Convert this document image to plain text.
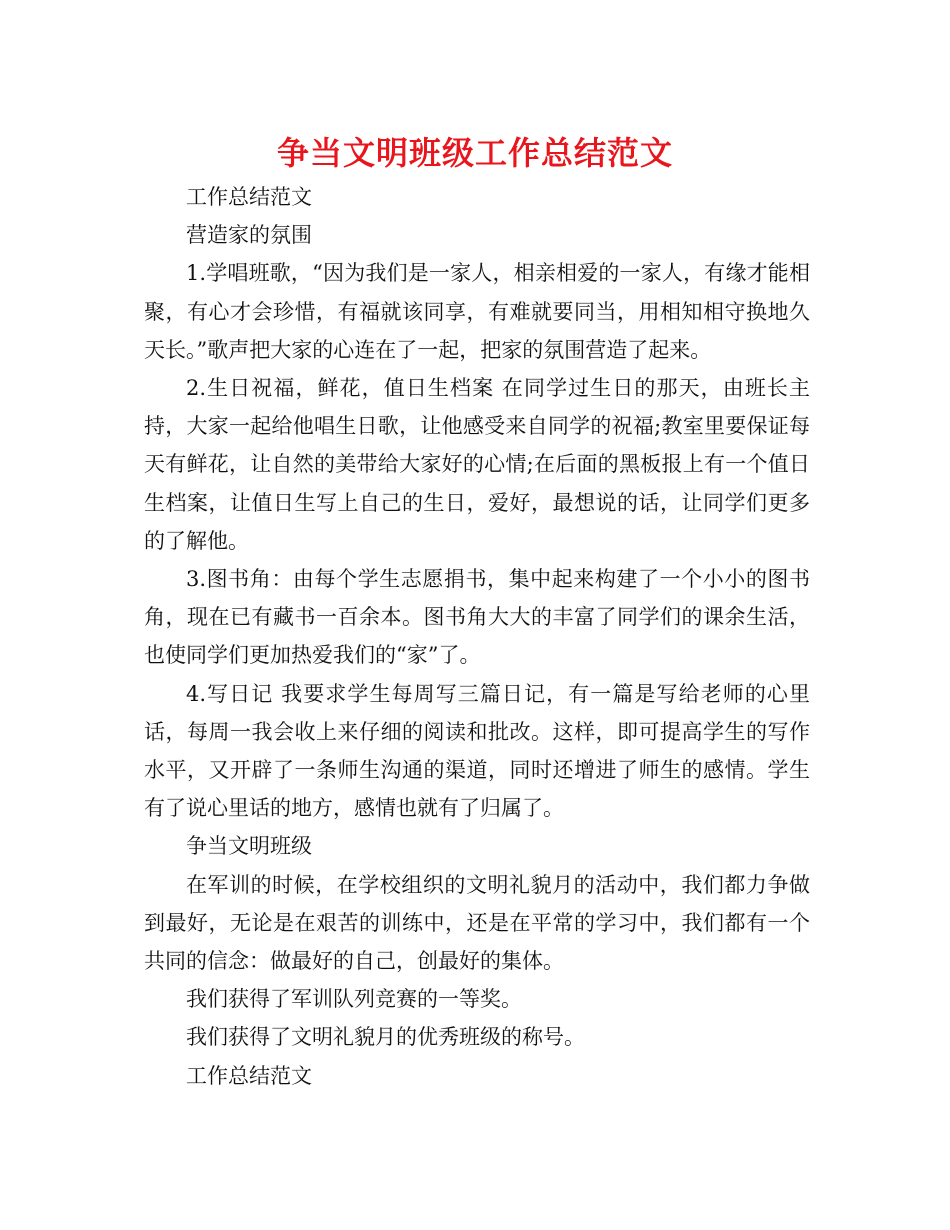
争当文明班级工作总结范文

工作总结范文

营造家的氛围

1.学唱班歌，“因为我们是一家人，相亲相爱的一家人，有缘才能相聚，有心才会珍惜，有福就该同享，有难就要同当，用相知相守换地久天长。”歌声把大家的心连在了一起，把家的氛围营造了起来。

2.生日祝福，鲜花，值日生档案 在同学过生日的那天，由班长主持，大家一起给他唱生日歌，让他感受来自同学的祝福;教室里要保证每天有鲜花，让自然的美带给大家好的心情;在后面的黑板报上有一个值日生档案，让值日生写上自己的生日，爱好，最想说的话，让同学们更多的了解他。

3.图书角：由每个学生志愿捐书，集中起来构建了一个小小的图书角，现在已有藏书一百余本。图书角大大的丰富了同学们的课余生活，也使同学们更加热爱我们的“家”了。

4.写日记 我要求学生每周写三篇日记，有一篇是写给老师的心里话，每周一我会收上来仔细的阅读和批改。这样，即可提高学生的写作水平，又开辟了一条师生沟通的渠道，同时还增进了师生的感情。学生有了说心里话的地方，感情也就有了归属了。

争当文明班级

在军训的时候，在学校组织的文明礼貌月的活动中，我们都力争做到最好，无论是在艰苦的训练中，还是在平常的学习中，我们都有一个共同的信念：做最好的自己，创最好的集体。

我们获得了军训队列竞赛的一等奖。

我们获得了文明礼貌月的优秀班级的称号。

工作总结范文
